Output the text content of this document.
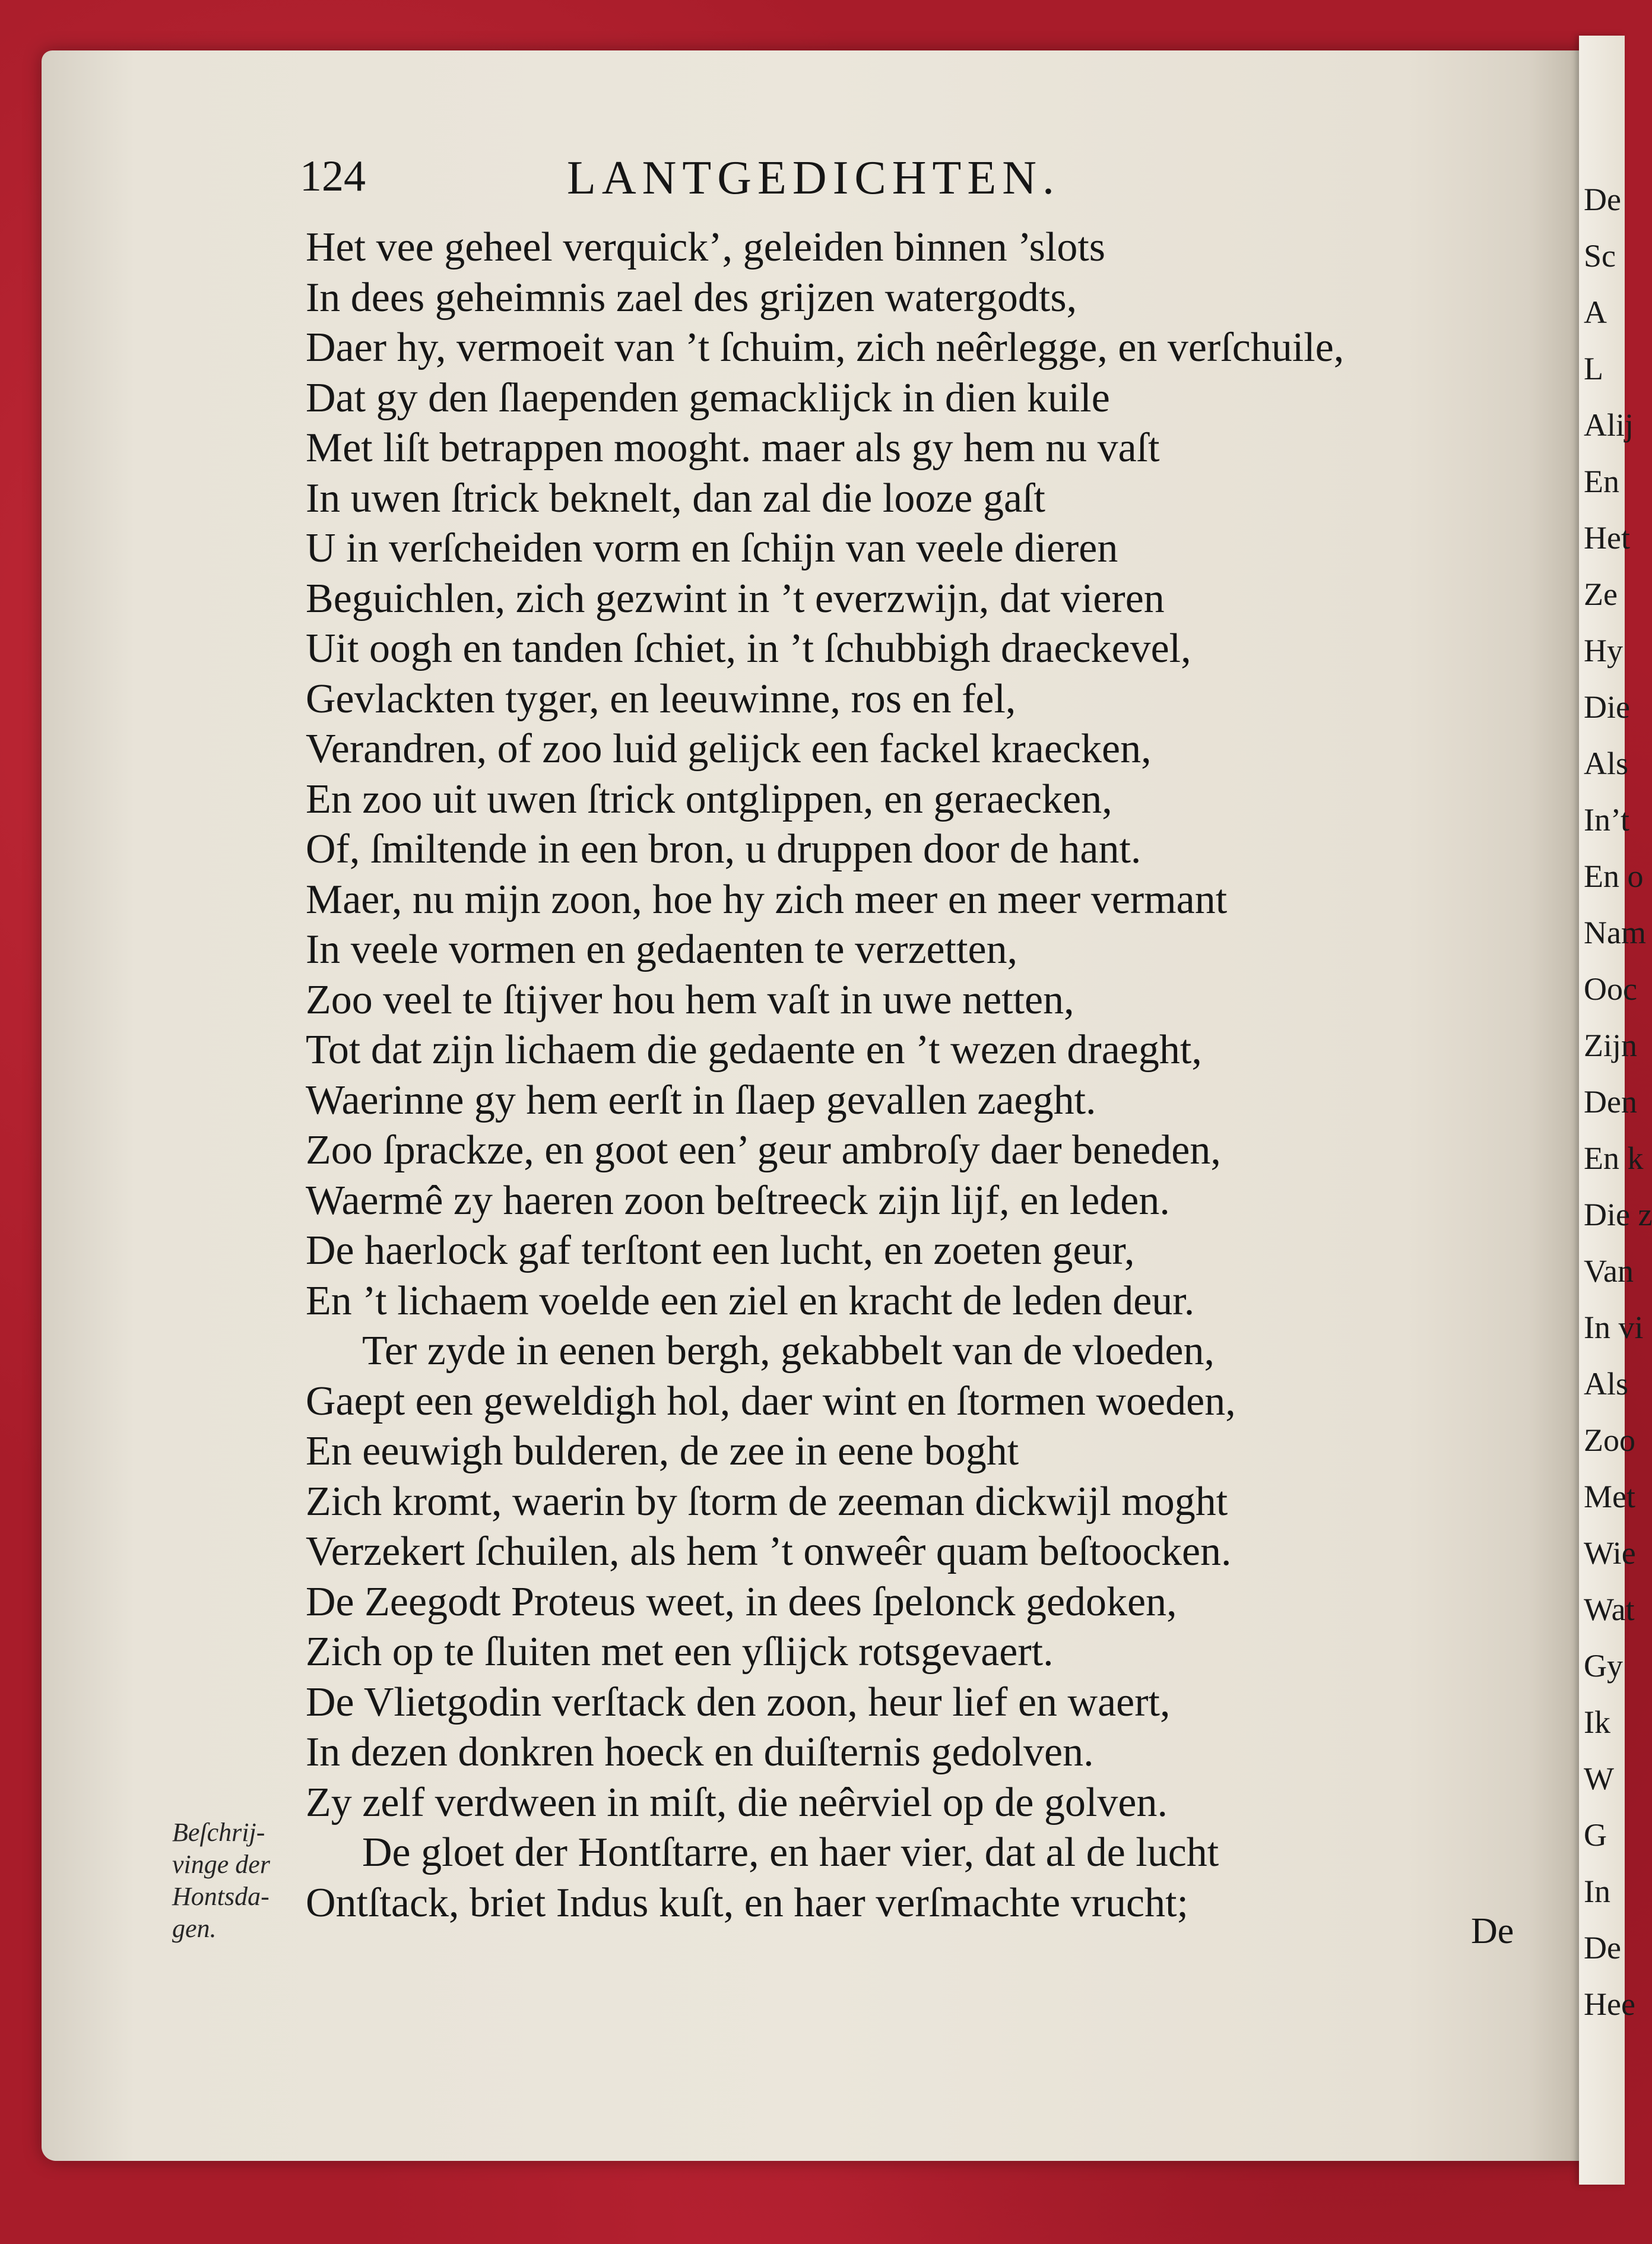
De
Sc
A
L
Alij
En
Het
Ze
Hy
Die
Als
In’t
En o
Nam
Ooc
Zijn
Den
En k
Die z
Van
In vi
Als
Zoo
Met
Wie
Wat
Gy
Ik
W
G
In
De
Hee
124	LANTGEDICHTEN.
Het vee geheel verquick’, geleiden binnen ’slots
In dees geheimnis zael des grijzen watergodts,
Daer hy, vermoeit van ’t ſchuim, zich neêrlegge, en verſchuile,
Dat gy den ſlaependen gemacklijck in dien kuile
Met liſt betrappen mooght. maer als gy hem nu vaſt
In uwen ſtrick beknelt, dan zal die looze gaſt
U in verſcheiden vorm en ſchijn van veele dieren
Beguichlen, zich gezwint in ’t everzwijn, dat vieren
Uit oogh en tanden ſchiet, in ’t ſchubbigh draeckevel,
Gevlackten tyger, en leeuwinne, ros en fel,
Verandren, of zoo luid gelijck een fackel kraecken,
En zoo uit uwen ſtrick ontglippen, en geraecken,
Of, ſmiltende in een bron, u druppen door de hant.
Maer, nu mijn zoon, hoe hy zich meer en meer vermant
In veele vormen en gedaenten te verzetten,
Zoo veel te ſtijver hou hem vaſt in uwe netten,
Tot dat zijn lichaem die gedaente en ’t wezen draeght,
Waerinne gy hem eerſt in ſlaep gevallen zaeght.
Zoo ſprackze, en goot een’ geur ambroſy daer beneden,
Waermê zy haeren zoon beſtreeck zijn lijf, en leden.
De haerlock gaf terſtont een lucht, en zoeten geur,
En ’t lichaem voelde een ziel en kracht de leden deur.
Ter zyde in eenen bergh, gekabbelt van de vloeden,
Gaept een geweldigh hol, daer wint en ſtormen woeden,
En eeuwigh bulderen, de zee in eene boght
Zich kromt, waerin by ſtorm de zeeman dickwijl moght
Verzekert ſchuilen, als hem ’t onweêr quam beſtoocken.
De Zeegodt Proteus weet, in dees ſpelonck gedoken,
Zich op te ſluiten met een yſlijck rotsgevaert.
De Vlietgodin verſtack den zoon, heur lief en waert,
In dezen donkren hoeck en duiſternis gedolven.
Zy zelf verdween in miſt, die neêrviel op de golven.
De gloet der Hontſtarre, en haer vier, dat al de lucht
Ontſtack, briet Indus kuſt, en haer verſmachte vrucht;
Beſchrij-
vinge der
Hontsda-
gen.	De
